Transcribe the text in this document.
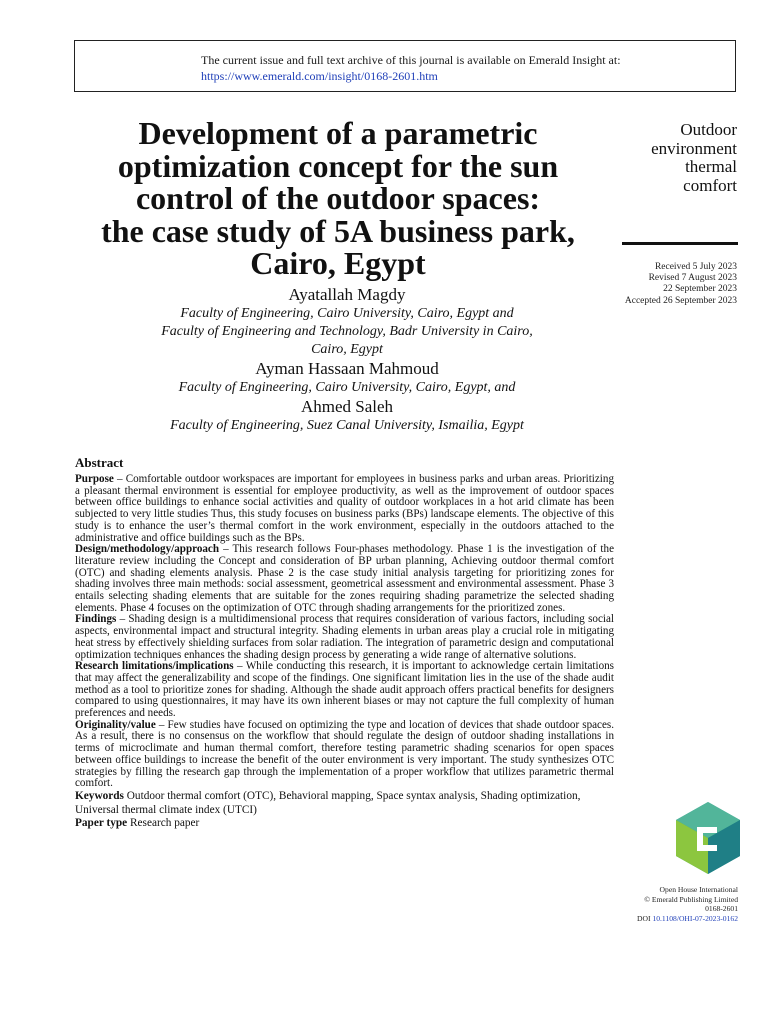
The current issue and full text archive of this journal is available on Emerald Insight at:
https://www.emerald.com/insight/0168-2601.htm
Development of a parametric
optimization concept for the sun
control of the outdoor spaces:
the case study of 5A business park,
Cairo, Egypt
Outdoor
environment
thermal
comfort
Received 5 July 2023
Revised 7 August 2023
22 September 2023
Accepted 26 September 2023
Ayatallah Magdy
Faculty of Engineering, Cairo University, Cairo, Egypt and
Faculty of Engineering and Technology, Badr University in Cairo,
Cairo, Egypt
Ayman Hassaan Mahmoud
Faculty of Engineering, Cairo University, Cairo, Egypt, and
Ahmed Saleh
Faculty of Engineering, Suez Canal University, Ismailia, Egypt
Abstract

Purpose – Comfortable outdoor workspaces are important for employees in business parks and urban areas. Prioritizing a pleasant thermal environment is essential for employee productivity, as well as the improvement of outdoor spaces between office buildings to enhance social activities and quality of outdoor workplaces in a hot arid climate has been subjected to very little studies Thus, this study focuses on business parks (BPs) landscape elements. The objective of this study is to enhance the user’s thermal comfort in the work environment, especially in the outdoors attached to the administrative and office buildings such as the BPs.

Design/methodology/approach – This research follows Four-phases methodology. Phase 1 is the investigation of the literature review including the Concept and consideration of BP urban planning, Achieving outdoor thermal comfort (OTC) and shading elements analysis. Phase 2 is the case study initial analysis targeting for prioritizing zones for shading involves three main methods: social assessment, geometrical assessment and environmental assessment. Phase 3 entails selecting shading elements that are suitable for the zones requiring shading parametrize the selected shading elements. Phase 4 focuses on the optimization of OTC through shading arrangements for the prioritized zones.

Findings – Shading design is a multidimensional process that requires consideration of various factors, including social aspects, environmental impact and structural integrity. Shading elements in urban areas play a crucial role in mitigating heat stress by effectively shielding surfaces from solar radiation. The integration of parametric design and computational optimization techniques enhances the shading design process by generating a wide range of alternative solutions.

Research limitations/implications – While conducting this research, it is important to acknowledge certain limitations that may affect the generalizability and scope of the findings. One significant limitation lies in the use of the shade audit method as a tool to prioritize zones for shading. Although the shade audit approach offers practical benefits for designers compared to using questionnaires, it may have its own inherent biases or may not capture the full complexity of human preferences and needs.

Originality/value – Few studies have focused on optimizing the type and location of devices that shade outdoor spaces. As a result, there is no consensus on the workflow that should regulate the design of outdoor shading installations in terms of microclimate and human thermal comfort, therefore testing parametric shading scenarios for open spaces between office buildings to increase the benefit of the outer environment is very important. The study synthesizes OTC strategies by filling the research gap through the implementation of a proper workflow that utilizes parametric thermal comfort.

Keywords Outdoor thermal comfort (OTC), Behavioral mapping, Space syntax analysis, Shading optimization, Universal thermal climate index (UTCI)

Paper type Research paper

Open House International
© Emerald Publishing Limited
0168-2601
DOI 10.1108/OHI-07-2023-0162
